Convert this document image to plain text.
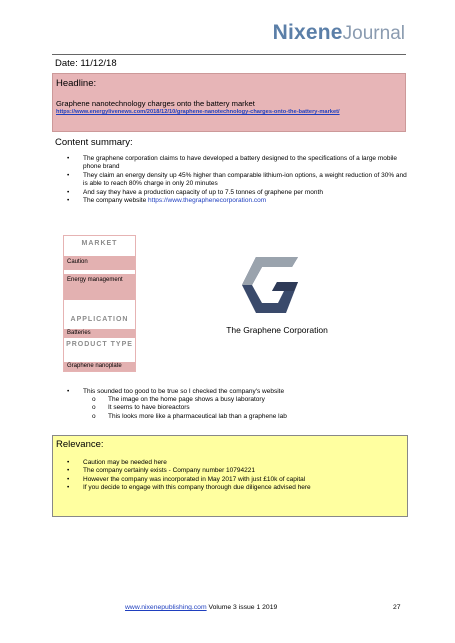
NixeneJournal
Date: 11/12/18
Headline:
Graphene nanotechnology charges onto the battery market
https://www.energylivenews.com/2018/12/10/graphene-nanotechnology-charges-onto-the-battery-market/
Content summary:
• The graphene corporation claims to have developed a battery designed to the specifications of a large mobile phone brand
• They claim an energy density up 45% higher than comparable lithium-ion options, a weight reduction of 30% and is able to reach 80% charge in only 20 minutes
• And say they have a production capacity of up to 7.5 tonnes of graphene per month
• The company website https://www.thegraphenecorporation.com
MARKET
Caution
Energy management
APPLICATION
Batteries
PRODUCT TYPE
Graphene nanoplate
The Graphene Corporation
• This sounded too good to be true so I checked the company's website
o The image on the home page shows a busy laboratory
o It seems to have bioreactors
o This looks more like a pharmaceutical lab than a graphene lab
Relevance:
• Caution may be needed here
• The company certainly exists - Company number 10794221
• However the company was incorporated in May 2017 with just £10k of capital
• If you decide to engage with this company thorough due diligence advised here
www.nixenepublishing.com Volume 3 issue 1 2019	27
